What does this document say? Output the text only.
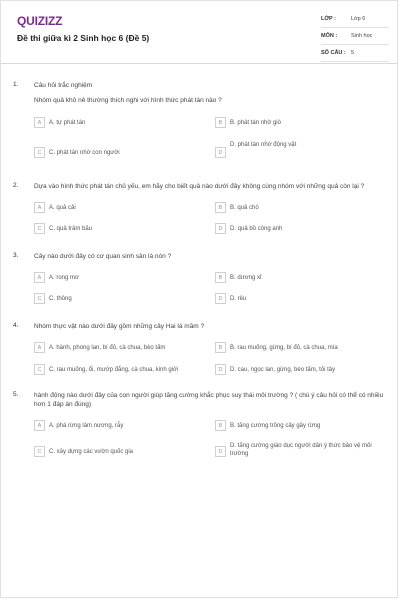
QUIZIZZ
Đề thi giữa kì 2 Sinh học 6 (Đề 5)
LỚP :	Lớp 6
MÔN :	Sinh học
SỐ CÂU : 5
1. Câu hỏi trắc nghiệm
Nhóm quả khô nẻ thường thích nghi với hình thức phát tán nào ?
A	A. tự phát tán	B	B. phát tán nhờ gió
C	C. phát tán nhờ con người	D
D. phát tán nhờ động vật
2. Dựa vào hình thức phát tán chủ yếu, em hãy cho biết quả nào dưới đây không cùng nhóm với những quả còn lại ?
A	A. quả cải	B	B. quả chò
C	C. quả trâm bầu	D	D. quả bồ công anh
3. Cây nào dưới đây có cơ quan sinh sản là nón ?
A	A. rong mơ	B	B. dương xỉ
C	C. thông	D	D. rêu
4. Nhóm thực vật nào dưới đây gồm những cây Hai lá mầm ?
A	A. hành, phong lan, bí đỏ, cà chua, bèo tấm	B	B. rau muống, gừng, bí đỏ, cà chua, mía
C	C. rau muống, ổi, mướp đắng, cà chua, kinh giới	D	D. cau, ngọc lan, gừng, bèo tấm, tỏi tây
5. hành động nào dưới đây của con người giúp tăng cường khắc phục suy thái môi trường ? ( chú ý câu hỏi có thể có nhiều hơn 1 đáp án đúng)
A	A. phá rừng làm nương, rẫy	B	B. tăng cường trồng cây gây rừng
C	C. xây dựng các vườn quốc gia	D
D. tăng cường giáo dục người dân ý thức bảo vệ môi trường
